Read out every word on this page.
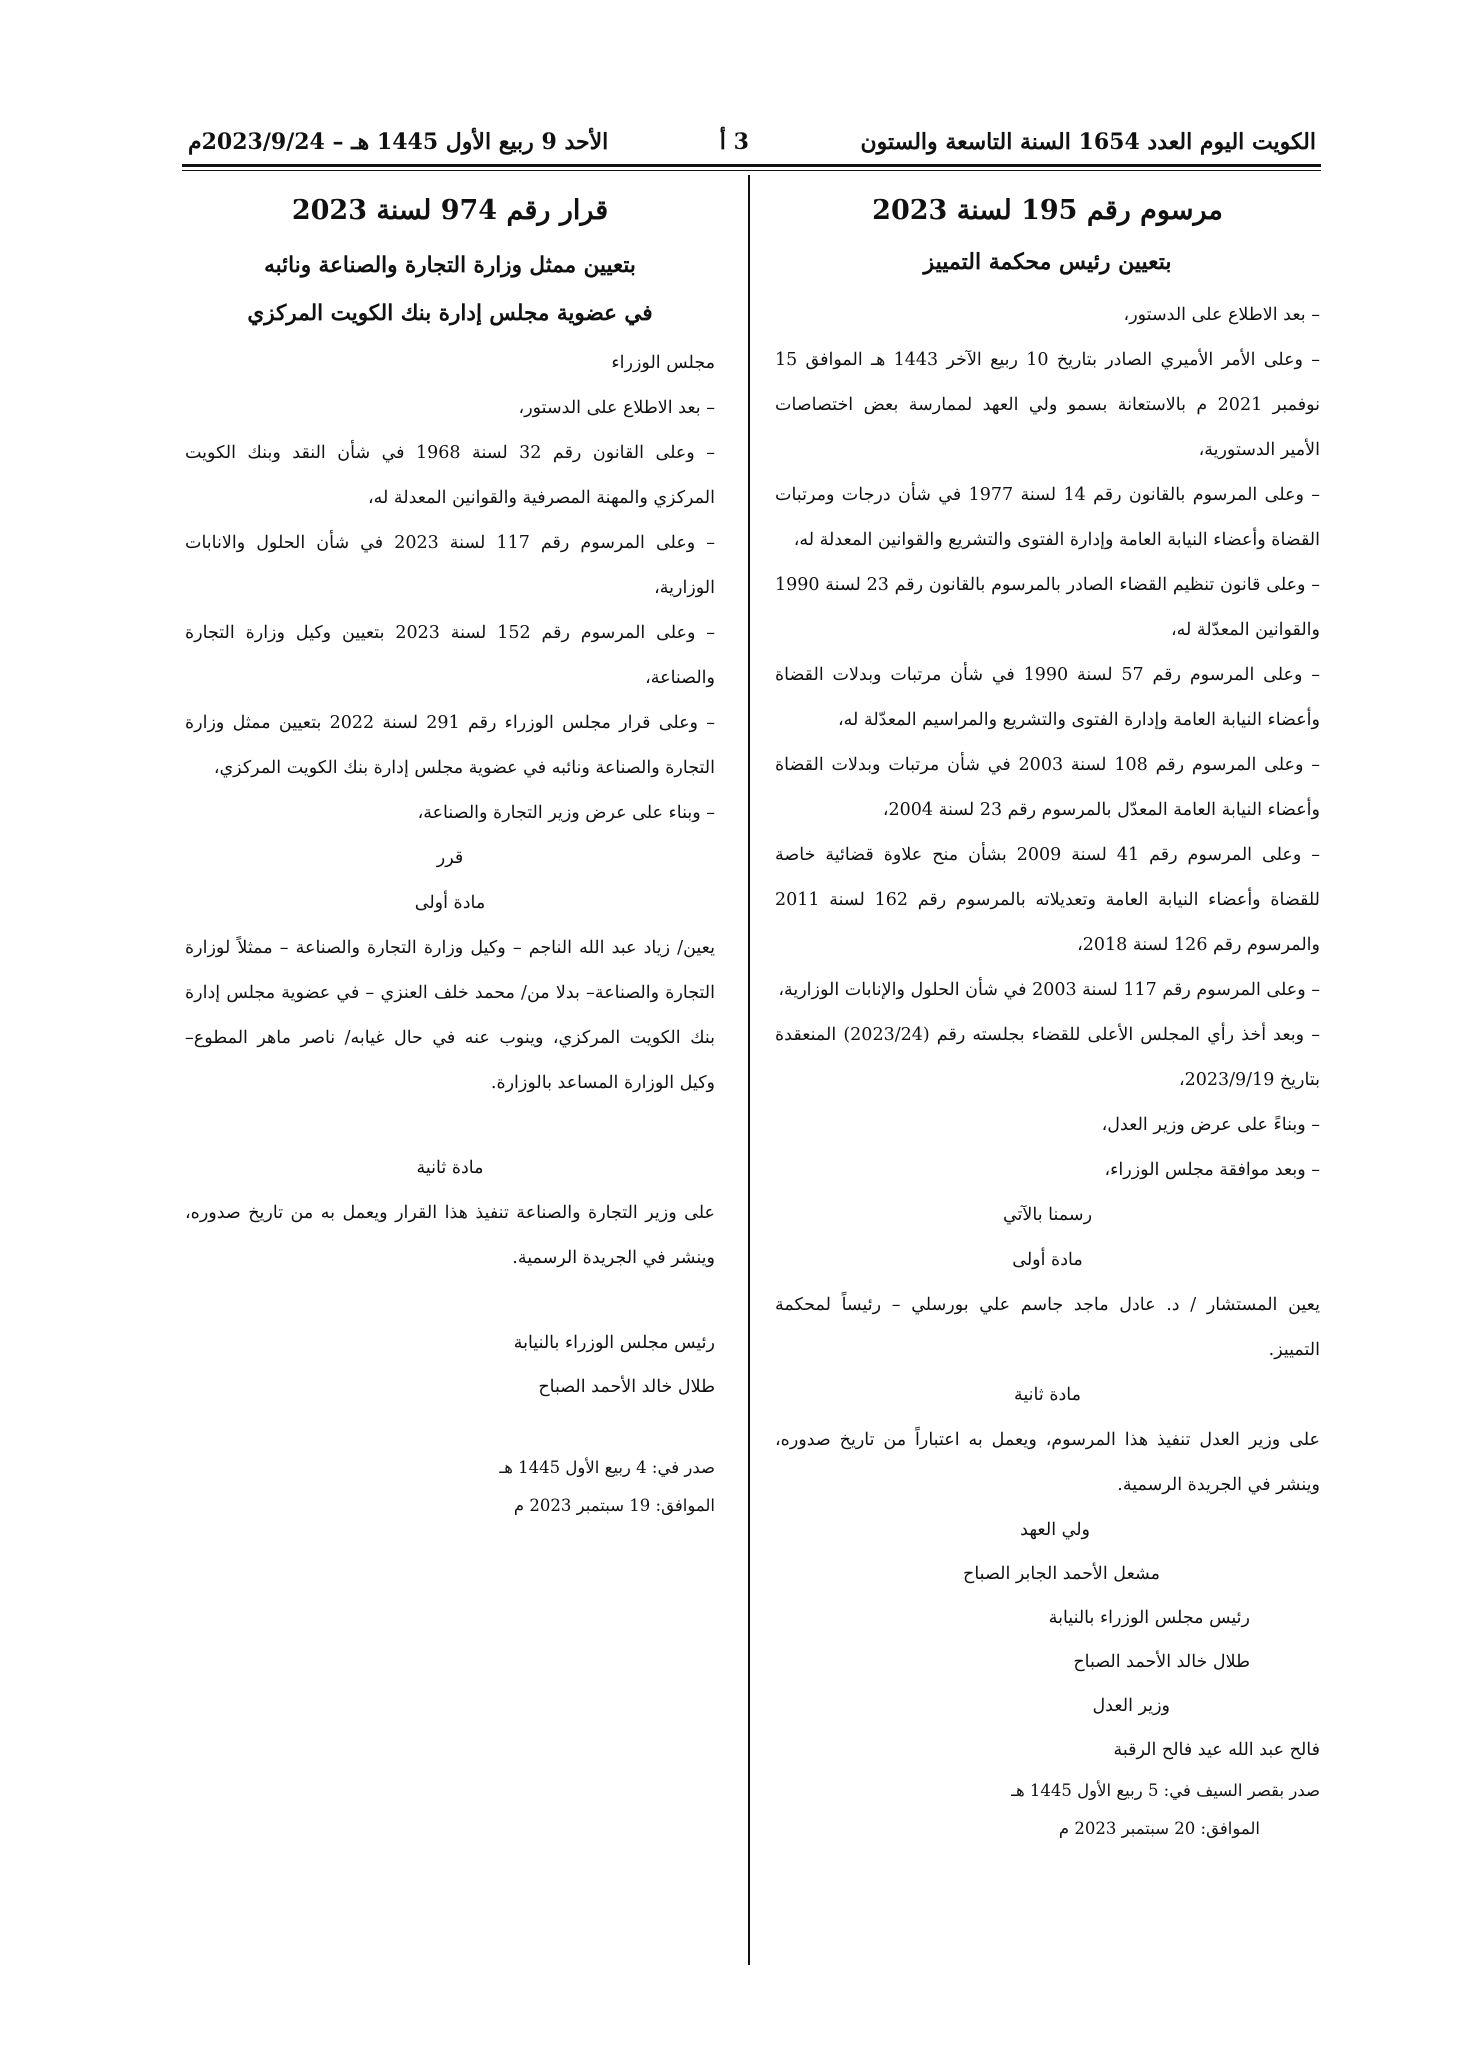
الكويت اليوم العدد 1654 السنة التاسعة والستون
3 أ
الأحد 9 ربيع الأول 1445 هـ – 2023/9/24م
مرسوم رقم 195 لسنة 2023
بتعيين رئيس محكمة التمييز

– بعد الاطلاع على الدستور،

– وعلى الأمر الأميري الصادر بتاريخ 10 ربيع الآخر 1443 هـ الموافق 15 نوفمبر 2021 م بالاستعانة بسمو ولي العهد لممارسة بعض اختصاصات الأمير الدستورية،

– وعلى المرسوم بالقانون رقم 14 لسنة 1977 في شأن درجات ومرتبات القضاة وأعضاء النيابة العامة وإدارة الفتوى والتشريع والقوانين المعدلة له،

– وعلى قانون تنظيم القضاء الصادر بالمرسوم بالقانون رقم 23 لسنة 1990 والقوانين المعدّلة له،

– وعلى المرسوم رقم 57 لسنة 1990 في شأن مرتبات وبدلات القضاة وأعضاء النيابة العامة وإدارة الفتوى والتشريع والمراسيم المعدّلة له،

– وعلى المرسوم رقم 108 لسنة 2003 في شأن مرتبات وبدلات القضاة وأعضاء النيابة العامة المعدّل بالمرسوم رقم 23 لسنة 2004،

– وعلى المرسوم رقم 41 لسنة 2009 بشأن منح علاوة قضائية خاصة للقضاة وأعضاء النيابة العامة وتعديلاته بالمرسوم رقم 162 لسنة 2011 والمرسوم رقم 126 لسنة 2018،

– وعلى المرسوم رقم 117 لسنة 2003 في شأن الحلول والإنابات الوزارية،

– وبعد أخذ رأي المجلس الأعلى للقضاء بجلسته رقم (2023/24) المنعقدة بتاريخ 2023/9/19،

– وبناءً على عرض وزير العدل،

– وبعد موافقة مجلس الوزراء،

رسمنا بالآتي

مادة أولى

يعين المستشار / د. عادل ماجد جاسم علي بورسلي – رئيساً لمحكمة التمييز.

مادة ثانية

على وزير العدل تنفيذ هذا المرسوم، ويعمل به اعتباراً من تاريخ صدوره، وينشر في الجريدة الرسمية.

ولي العهد

مشعل الأحمد الجابر الصباح

رئيس مجلس الوزراء بالنيابة

طلال خالد الأحمد الصباح

وزير العدل

فالح عبد الله عيد فالح الرقبة

صدر بقصر السيف في: 5 ربيع الأول 1445 هـ

الموافق: 20 سبتمبر 2023 م

قرار رقم 974 لسنة 2023
بتعيين ممثل وزارة التجارة والصناعة ونائبه
في عضوية مجلس إدارة بنك الكويت المركزي

مجلس الوزراء

– بعد الاطلاع على الدستور،

– وعلى القانون رقم 32 لسنة 1968 في شأن النقد وبنك الكويت المركزي والمهنة المصرفية والقوانين المعدلة له،

– وعلى المرسوم رقم 117 لسنة 2023 في شأن الحلول والانابات الوزارية،

– وعلى المرسوم رقم 152 لسنة 2023 بتعيين وكيل وزارة التجارة والصناعة،

– وعلى قرار مجلس الوزراء رقم 291 لسنة 2022 بتعيين ممثل وزارة التجارة والصناعة ونائبه في عضوية مجلس إدارة بنك الكويت المركزي،

– وبناء على عرض وزير التجارة والصناعة،

قرر

مادة أولى

يعين/ زياد عبد الله الناجم – وكيل وزارة التجارة والصناعة – ممثلاً لوزارة التجارة والصناعة– بدلا من/ محمد خلف العنزي – في عضوية مجلس إدارة بنك الكويت المركزي، وينوب عنه في حال غيابه/ ناصر ماهر المطوع– وكيل الوزارة المساعد بالوزارة.

مادة ثانية

على وزير التجارة والصناعة تنفيذ هذا القرار ويعمل به من تاريخ صدوره، وينشر في الجريدة الرسمية.

رئيس مجلس الوزراء بالنيابة

طلال خالد الأحمد الصباح

صدر في: 4 ربيع الأول 1445 هـ

الموافق: 19 سبتمبر 2023 م
